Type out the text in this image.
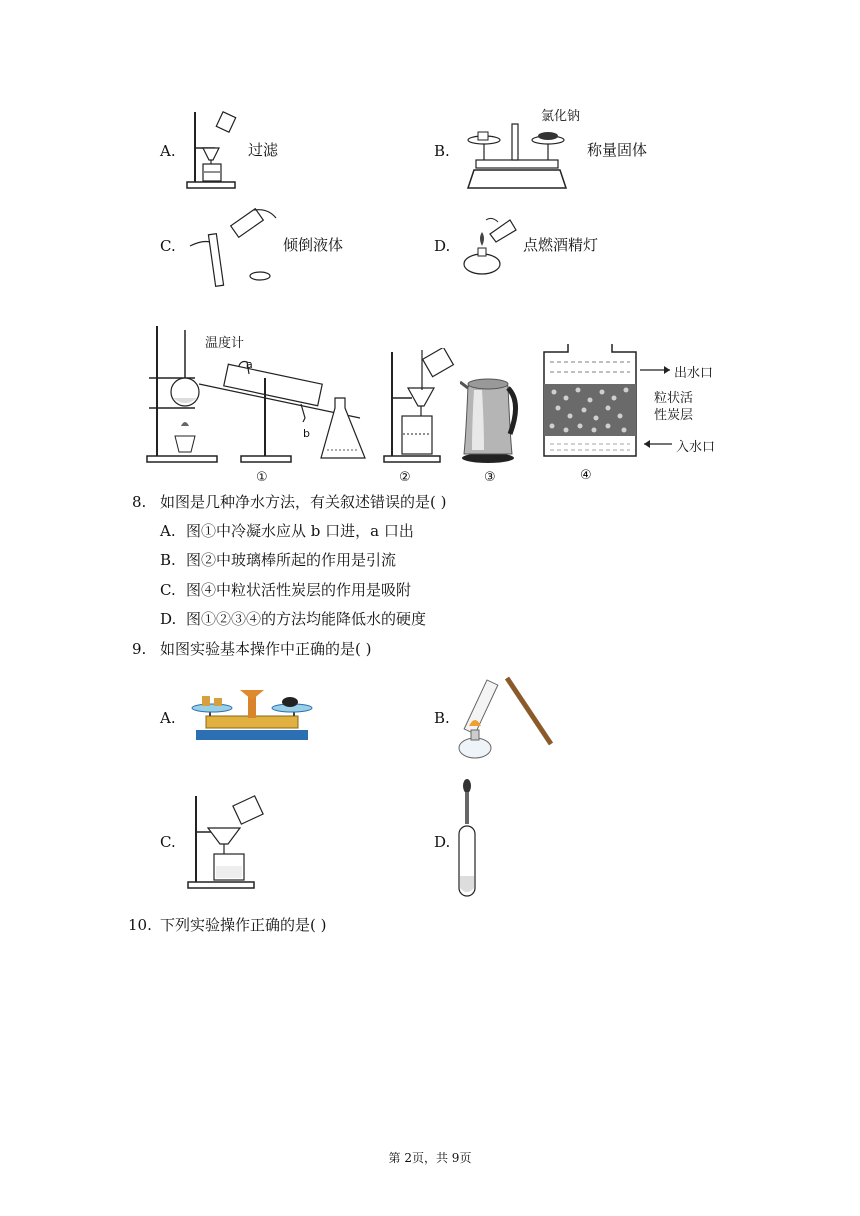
A.	过滤	B.
氯化钠
称量固体
C.	倾倒液体	D.	点燃酒精灯
温度计
a
b
①	②	③
出水口
粒状活
性炭层
入水口
④
8. 如图是几种净水方法，有关叙述错误的是( )
A. 图①中冷凝水应从 b 口进，a 口出
B. 图②中玻璃棒所起的作用是引流
C. 图④中粒状活性炭层的作用是吸附
D. 图①②③④的方法均能降低水的硬度
9. 如图实验基本操作中正确的是( )
A.	B.
C.	D.
10. 下列实验操作正确的是( )
第 2页，共 9页
